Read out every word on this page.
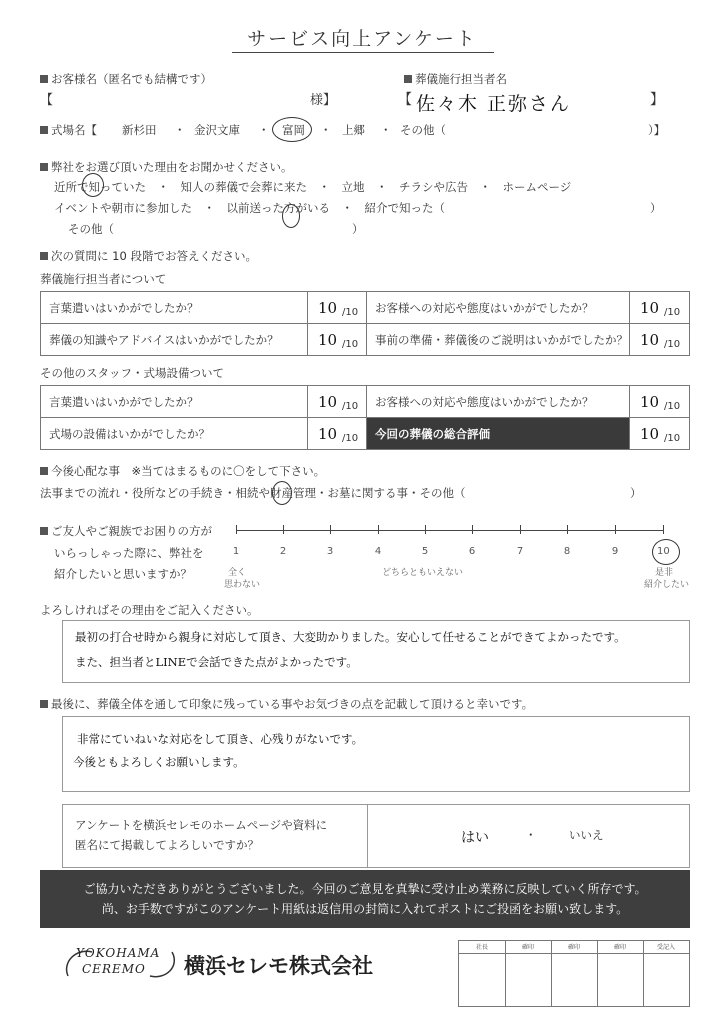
サービス向上アンケート
お客様名（匿名でも結構です）
【	様】
葬儀施行担当者名
【 佐々木 正弥さん	】
式場名【 新杉田 ・ 金沢文庫 ・ 富岡 ・ 上郷 ・ その他（	）】
弊社をお選び頂いた理由をお聞かせください。
近所で知っていた　・　知人の葬儀で会葬に来た　・　立地　・　チラシや広告　・　ホームページ
イベントや朝市に参加した　・　以前送った方がいる　・　紹介で知った（	）
その他（	）
次の質問に 10 段階でお答えください。
葬儀施行担当者について
言葉遣いはいかがでしたか？	10 /10 お客様への対応や態度はいかがでしたか？	10 /10
葬儀の知識やアドバイスはいかがでしたか？	10 /10 事前の準備・葬儀後のご説明はいかがでしたか？ 10 /10
その他のスタッフ・式場設備ついて
言葉遣いはいかがでしたか？	10 /10 お客様への対応や態度はいかがでしたか？	10 /10
式場の設備はいかがでしたか？	10 /10 今回の葬儀の総合評価	10 /10
今後心配な事　※当てはまるものに〇をして下さい。
法事までの流れ・役所などの手続き・相続や財産管理・お墓に関する事・その他（	）
ご友人やご親族でお困りの方が
いらっしゃった際に、弊社を
紹介したいと思いますか？
1	2	3	4	5	6	7	8	9	10
全く
思わない
どちらともいえない	是非
紹介したい
よろしければその理由をご記入ください。
最初の打合せ時から親身に対応して頂き、大変助かりました。安心して任せることができてよかったです。
また、担当者とLINEで会話できた点がよかったです。
最後に、葬儀全体を通して印象に残っている事やお気づきの点を記載して頂けると幸いです。
非常にていねいな対応をして頂き、心残りがないです。
今後ともよろしくお願いします。
アンケートを横浜セレモのホームページや資料に
匿名にて掲載してよろしいですか？	はい	・	いいえ
ご協力いただきありがとうございました。今回のご意見を真摯に受け止め業務に反映していく所存です。
尚、お手数ですがこのアンケート用紙は返信用の封筒に入れてポストにご投函をお願い致します。
YOKOHAMA
CEREMO 横浜セレモ株式会社
社長	確印	確印	確印	受記入
